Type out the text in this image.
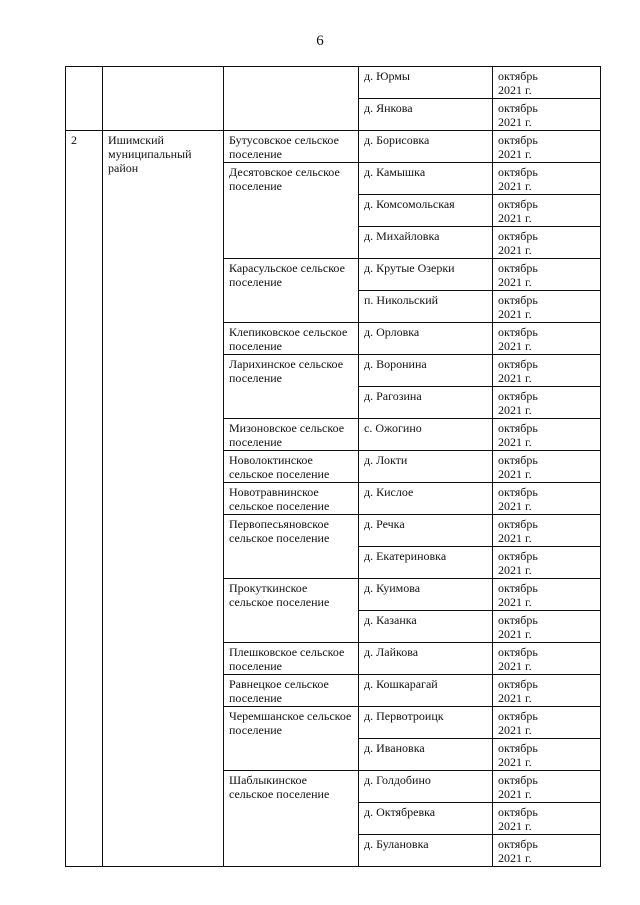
6
			д. Юрмы	октябрь
2021 г.
			д. Янкова	октябрь
2021 г.
2	Ишимский муниципальный район	Бутусовское сельское поселение	д. Борисовка	октябрь
2021 г.
		Десятовское сельское поселение	д. Камышка	октябрь
2021 г.
			д. Комсомольская	октябрь
2021 г.
			д. Михайловка	октябрь
2021 г.
		Карасульское сельское поселение	д. Крутые Озерки	октябрь
2021 г.
			п. Никольский	октябрь
2021 г.
		Клепиковское сельское поселение	д. Орловка	октябрь
2021 г.
		Ларихинское сельское поселение	д. Воронина	октябрь
2021 г.
			д. Рагозина	октябрь
2021 г.
		Мизоновское сельское поселение	с. Ожогино	октябрь
2021 г.
		Новолоктинское сельское поселение	д. Локти	октябрь
2021 г.
		Новотравнинское сельское поселение	д. Кислое	октябрь
2021 г.
		Первопесьяновское сельское поселение	д. Речка	октябрь
2021 г.
			д. Екатериновка	октябрь
2021 г.
		Прокуткинское сельское поселение	д. Куимова	октябрь
2021 г.
			д. Казанка	октябрь
2021 г.
		Плешковское сельское поселение	д. Лайкова	октябрь
2021 г.
		Равнецкое сельское поселение	д. Кошкарагай	октябрь
2021 г.
		Черемшанское сельское поселение	д. Первотроицк	октябрь
2021 г.
			д. Ивановка	октябрь
2021 г.
		Шаблыкинское сельское поселение	д. Голдобино	октябрь
2021 г.
			д. Октябревка	октябрь
2021 г.
			д. Булановка	октябрь
2021 г.
